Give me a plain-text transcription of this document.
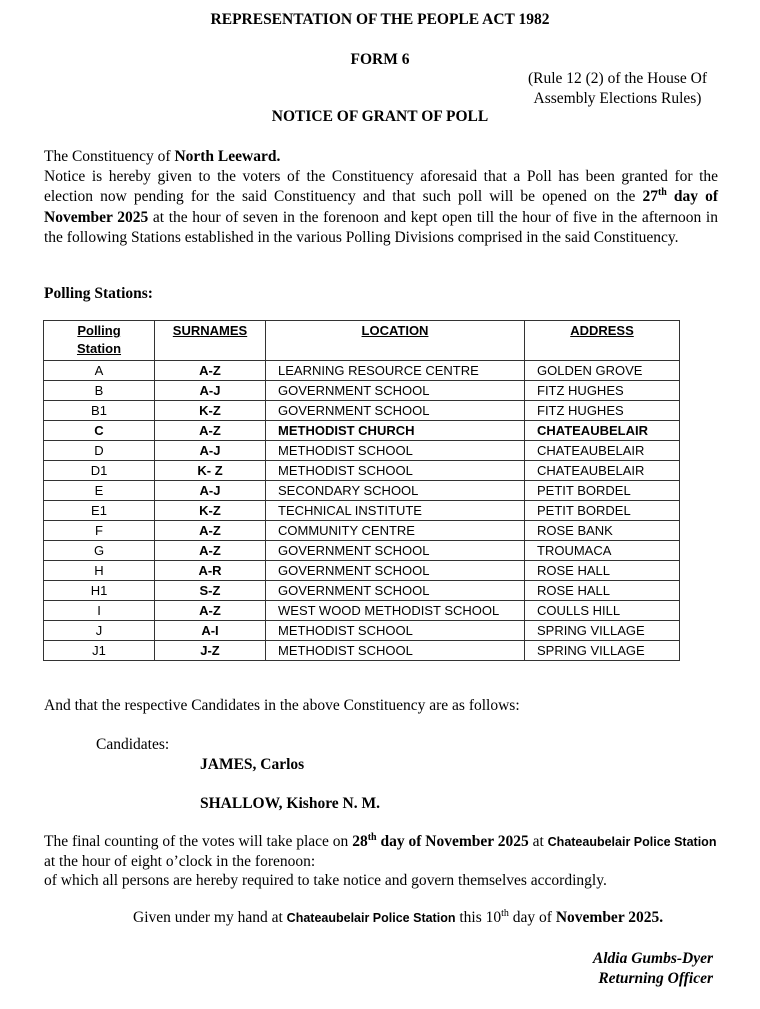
REPRESENTATION OF THE PEOPLE ACT 1982
FORM 6
(Rule 12 (2) of the House Of
Assembly Elections Rules)
NOTICE OF GRANT OF POLL

The Constituency of North Leeward.

Notice is hereby given to the voters of the Constituency aforesaid that a Poll has been granted for the election now pending for the said Constituency and that such poll will be opened on the 27th day of November 2025 at the hour of seven in the forenoon and kept open till the hour of five in the afternoon in the following Stations established in the various Polling Divisions comprised in the said Constituency.

Polling Stations:
Polling
Station	SURNAMES	LOCATION	ADDRESS
A	A-Z	LEARNING RESOURCE CENTRE	GOLDEN GROVE
B	A-J	GOVERNMENT SCHOOL	FITZ HUGHES
B1	K-Z	GOVERNMENT SCHOOL	FITZ HUGHES
C	A-Z	METHODIST CHURCH	CHATEAUBELAIR
D	A-J	METHODIST SCHOOL	CHATEAUBELAIR
D1	K- Z	METHODIST SCHOOL	CHATEAUBELAIR
E	A-J	SECONDARY SCHOOL	PETIT BORDEL
E1	K-Z	TECHNICAL INSTITUTE	PETIT BORDEL
F	A-Z	COMMUNITY CENTRE	ROSE BANK
G	A-Z	GOVERNMENT SCHOOL	TROUMACA
H	A-R	GOVERNMENT SCHOOL	ROSE HALL
H1	S-Z	GOVERNMENT SCHOOL	ROSE HALL
I	A-Z	WEST WOOD METHODIST SCHOOL	COULLS HILL
J	A-I	METHODIST SCHOOL	SPRING VILLAGE
J1	J-Z	METHODIST SCHOOL	SPRING VILLAGE
And that the respective Candidates in the above Constituency are as follows:
Candidates:
JAMES, Carlos
SHALLOW, Kishore N. M.
The final counting of the votes will take place on 28th day of November 2025 at Chateaubelair Police Station at the hour of eight o’clock in the forenoon:
of which all persons are hereby required to take notice and govern themselves accordingly.
Given under my hand at Chateaubelair Police Station this 10th day of November 2025.
Aldia Gumbs-Dyer
Returning Officer
